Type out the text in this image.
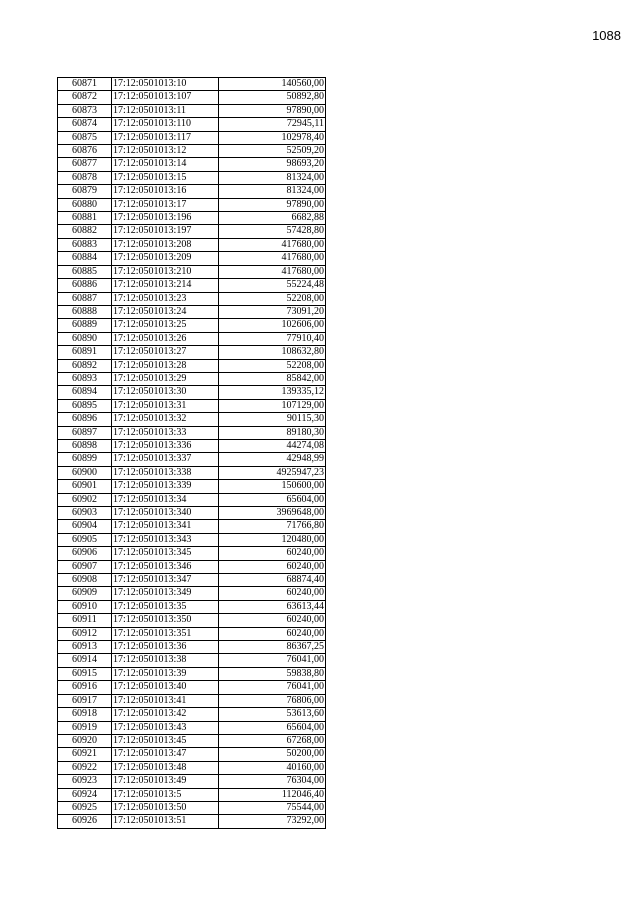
1088
60871	17:12:0501013:10	140560,00
60872	17:12:0501013:107	50892,80
60873	17:12:0501013:11	97890,00
60874	17:12:0501013:110	72945,11
60875	17:12:0501013:117	102978,40
60876	17:12:0501013:12	52509,20
60877	17:12:0501013:14	98693,20
60878	17:12:0501013:15	81324,00
60879	17:12:0501013:16	81324,00
60880	17:12:0501013:17	97890,00
60881	17:12:0501013:196	6682,88
60882	17:12:0501013:197	57428,80
60883	17:12:0501013:208	417680,00
60884	17:12:0501013:209	417680,00
60885	17:12:0501013:210	417680,00
60886	17:12:0501013:214	55224,48
60887	17:12:0501013:23	52208,00
60888	17:12:0501013:24	73091,20
60889	17:12:0501013:25	102606,00
60890	17:12:0501013:26	77910,40
60891	17:12:0501013:27	108632,80
60892	17:12:0501013:28	52208,00
60893	17:12:0501013:29	85842,00
60894	17:12:0501013:30	139335,12
60895	17:12:0501013:31	107129,00
60896	17:12:0501013:32	90115,30
60897	17:12:0501013:33	89180,30
60898	17:12:0501013:336	44274,08
60899	17:12:0501013:337	42948,99
60900	17:12:0501013:338	4925947,23
60901	17:12:0501013:339	150600,00
60902	17:12:0501013:34	65604,00
60903	17:12:0501013:340	3969648,00
60904	17:12:0501013:341	71766,80
60905	17:12:0501013:343	120480,00
60906	17:12:0501013:345	60240,00
60907	17:12:0501013:346	60240,00
60908	17:12:0501013:347	68874,40
60909	17:12:0501013:349	60240,00
60910	17:12:0501013:35	63613,44
60911	17:12:0501013:350	60240,00
60912	17:12:0501013:351	60240,00
60913	17:12:0501013:36	86367,25
60914	17:12:0501013:38	76041,00
60915	17:12:0501013:39	59838,80
60916	17:12:0501013:40	76041,00
60917	17:12:0501013:41	76806,00
60918	17:12:0501013:42	53613,60
60919	17:12:0501013:43	65604,00
60920	17:12:0501013:45	67268,00
60921	17:12:0501013:47	50200,00
60922	17:12:0501013:48	40160,00
60923	17:12:0501013:49	76304,00
60924	17:12:0501013:5	112046,40
60925	17:12:0501013:50	75544,00
60926	17:12:0501013:51	73292,00
